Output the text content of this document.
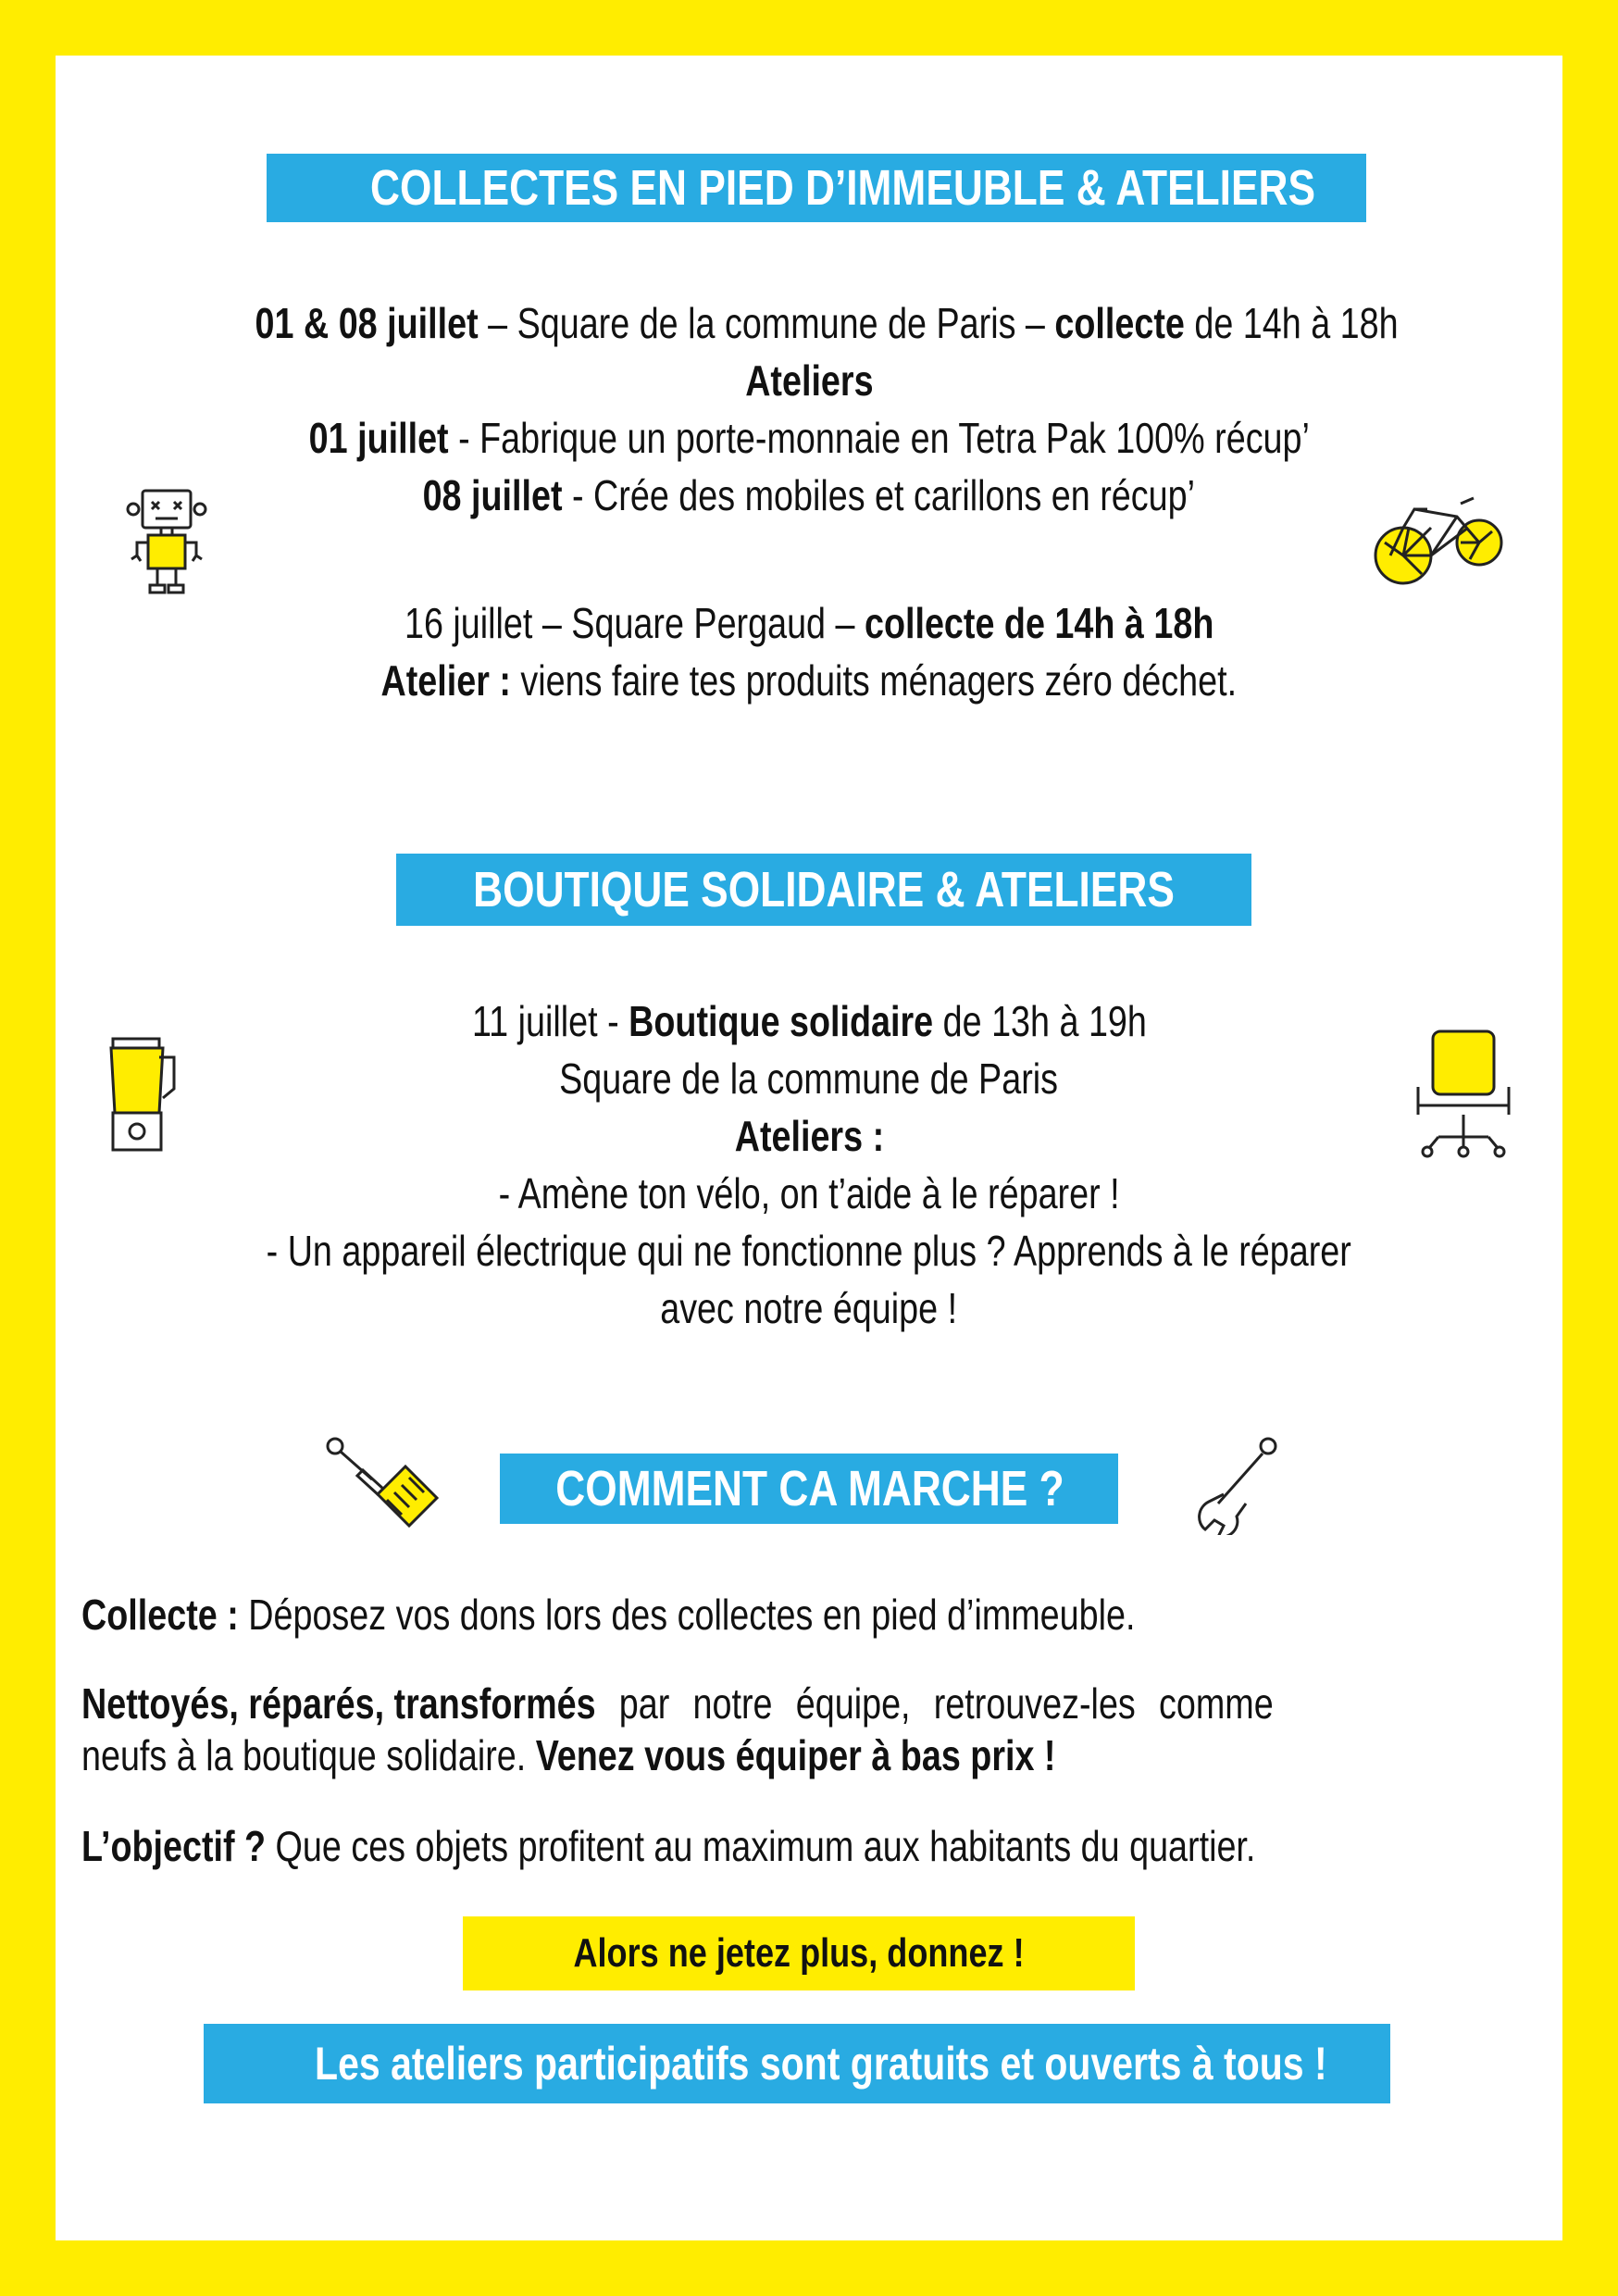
COLLECTES EN PIED D’IMMEUBLE & ATELIERS
01 & 08 juillet – Square de la commune de Paris – collecte de 14h à 18h
Ateliers
01 juillet - Fabrique un porte-monnaie en Tetra Pak 100% récup’
08 juillet - Crée des mobiles et carillons en récup’
16 juillet – Square Pergaud – collecte de 14h à 18h
Atelier : viens faire tes produits ménagers zéro déchet.
BOUTIQUE SOLIDAIRE & ATELIERS
11 juillet - Boutique solidaire de 13h à 19h
Square de la commune de Paris
Ateliers :
- Amène ton vélo, on t’aide à le réparer !
- Un appareil électrique qui ne fonctionne plus ? Apprends à le réparer
avec notre équipe !
COMMENT CA MARCHE ?
Collecte : Déposez vos dons lors des collectes en pied d’immeuble.
Nettoyés, réparés, transformés par notre équipe, retrouvez-les comme
neufs à la boutique solidaire. Venez vous équiper à bas prix !
L’objectif ? Que ces objets profitent au maximum aux habitants du quartier.
Alors ne jetez plus, donnez !
Les ateliers participatifs sont gratuits et ouverts à tous !
